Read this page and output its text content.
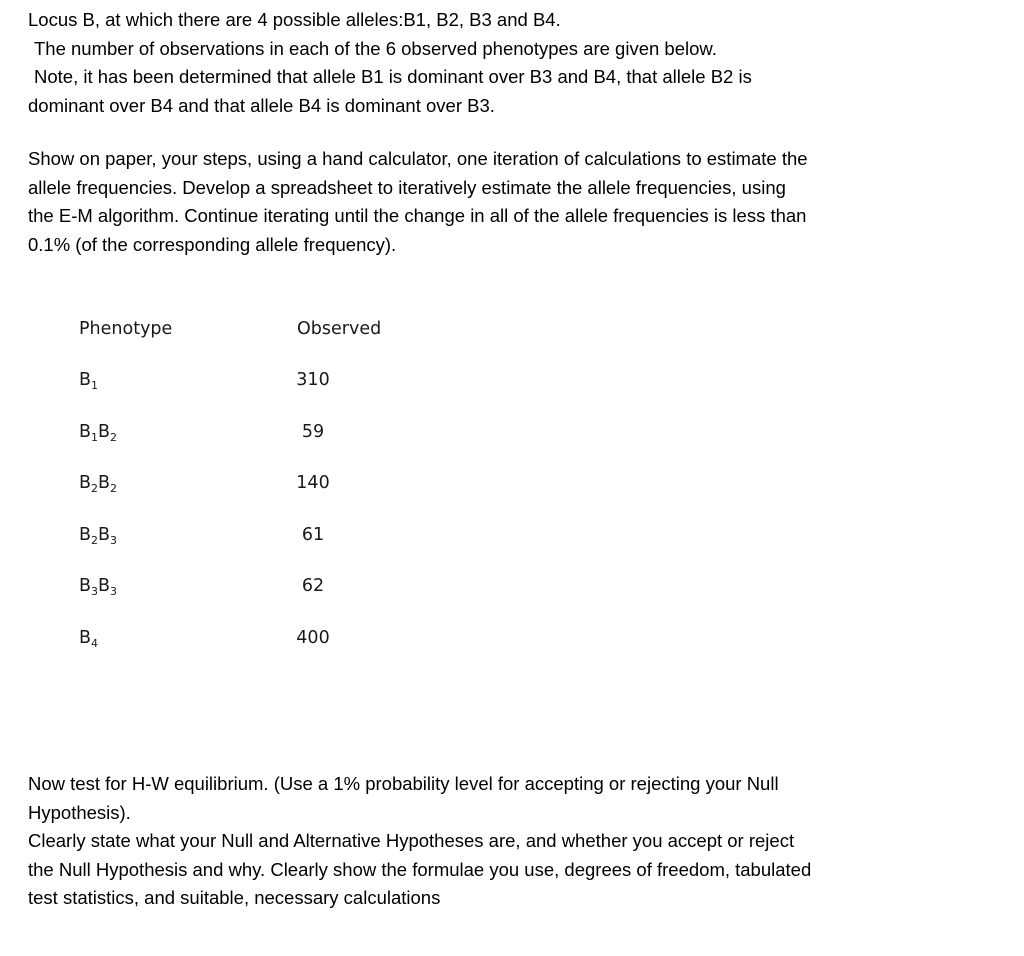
Locus B, at which there are 4 possible alleles:B1, B2, B3 and B4.
The number of observations in each of the 6 observed phenotypes are given below.
Note, it has been determined that allele B1 is dominant over B3 and B4, that allele B2 is
dominant over B4 and that allele B4 is dominant over B3.
Show on paper, your steps, using a hand calculator, one iteration of calculations to estimate the
allele frequencies. Develop a spreadsheet to iteratively estimate the allele frequencies, using
the E-M algorithm. Continue iterating until the change in all of the allele frequencies is less than
0.1% (of the corresponding allele frequency).
Phenotype	Observed
$B_1$	310
$B_1B_2$	59
$B_2B_2$	140
$B_2B_3$	61
$B_3B_3$	62
$B_4$	400
Now test for H-W equilibrium. (Use a 1% probability level for accepting or rejecting your Null
Hypothesis).
Clearly state what your Null and Alternative Hypotheses are, and whether you accept or reject
the Null Hypothesis and why. Clearly show the formulae you use, degrees of freedom, tabulated
test statistics, and suitable, necessary calculations
